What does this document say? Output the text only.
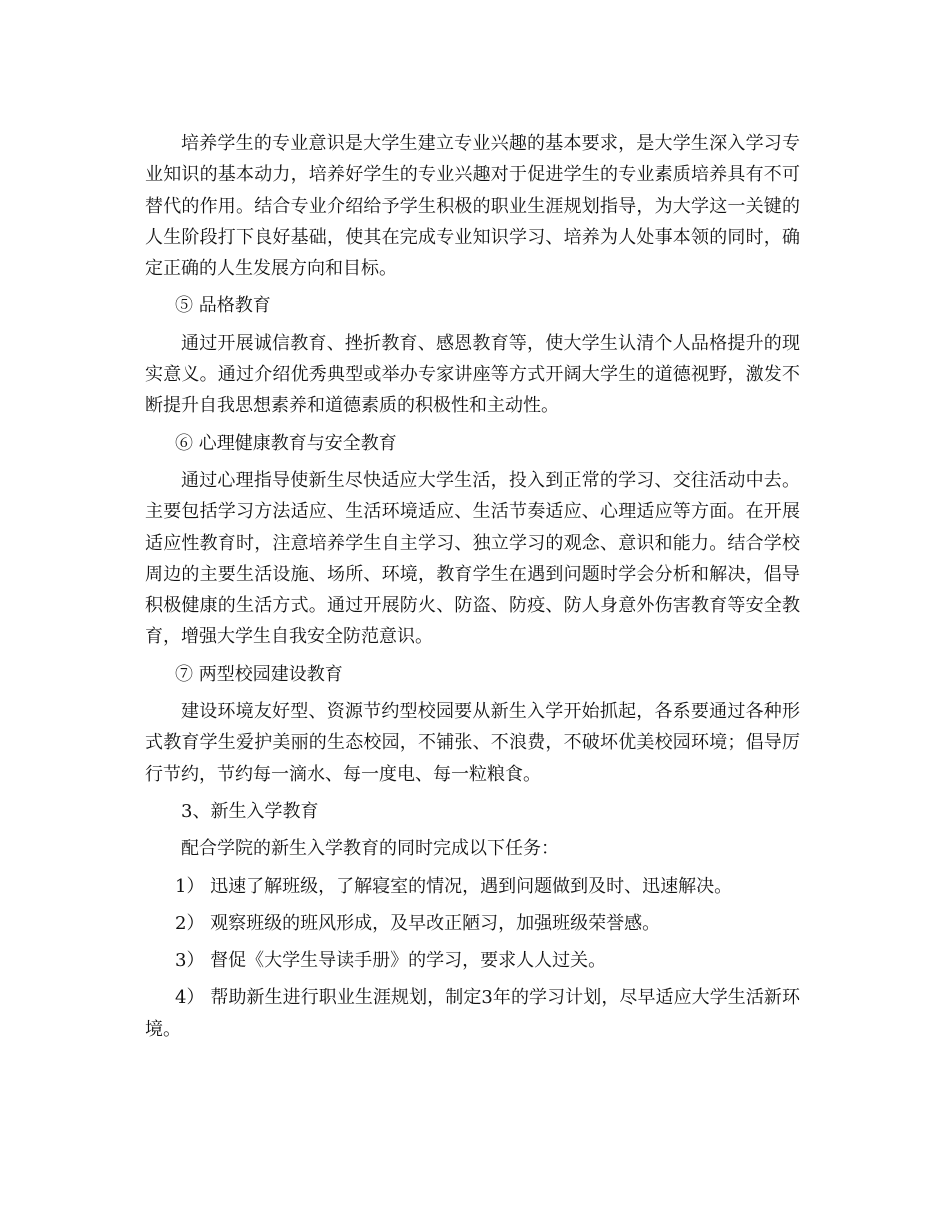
培养学生的专业意识是大学生建立专业兴趣的基本要求，是大学生深入学习专业知识的基本动力，培养好学生的专业兴趣对于促进学生的专业素质培养具有不可替代的作用。结合专业介绍给予学生积极的职业生涯规划指导，为大学这一关键的人生阶段打下良好基础，使其在完成专业知识学习、培养为人处事本领的同时，确定正确的人生发展方向和目标。

⑤ 品格教育

通过开展诚信教育、挫折教育、感恩教育等，使大学生认清个人品格提升的现实意义。通过介绍优秀典型或举办专家讲座等方式开阔大学生的道德视野，激发不断提升自我思想素养和道德素质的积极性和主动性。

⑥ 心理健康教育与安全教育

通过心理指导使新生尽快适应大学生活，投入到正常的学习、交往活动中去。主要包括学习方法适应、生活环境适应、生活节奏适应、心理适应等方面。在开展适应性教育时，注意培养学生自主学习、独立学习的观念、意识和能力。结合学校周边的主要生活设施、场所、环境，教育学生在遇到问题时学会分析和解决，倡导积极健康的生活方式。通过开展防火、防盗、防疫、防人身意外伤害教育等安全教育，增强大学生自我安全防范意识。

⑦ 两型校园建设教育

建设环境友好型、资源节约型校园要从新生入学开始抓起，各系要通过各种形式教育学生爱护美丽的生态校园，不铺张、不浪费，不破坏优美校园环境；倡导厉行节约，节约每一滴水、每一度电、每一粒粮食。

3、新生入学教育

配合学院的新生入学教育的同时完成以下任务：

1） 迅速了解班级，了解寝室的情况，遇到问题做到及时、迅速解决。

2） 观察班级的班风形成，及早改正陋习，加强班级荣誉感。

3） 督促《大学生导读手册》的学习，要求人人过关。

4） 帮助新生进行职业生涯规划，制定3年的学习计划，尽早适应大学生活新环境。
